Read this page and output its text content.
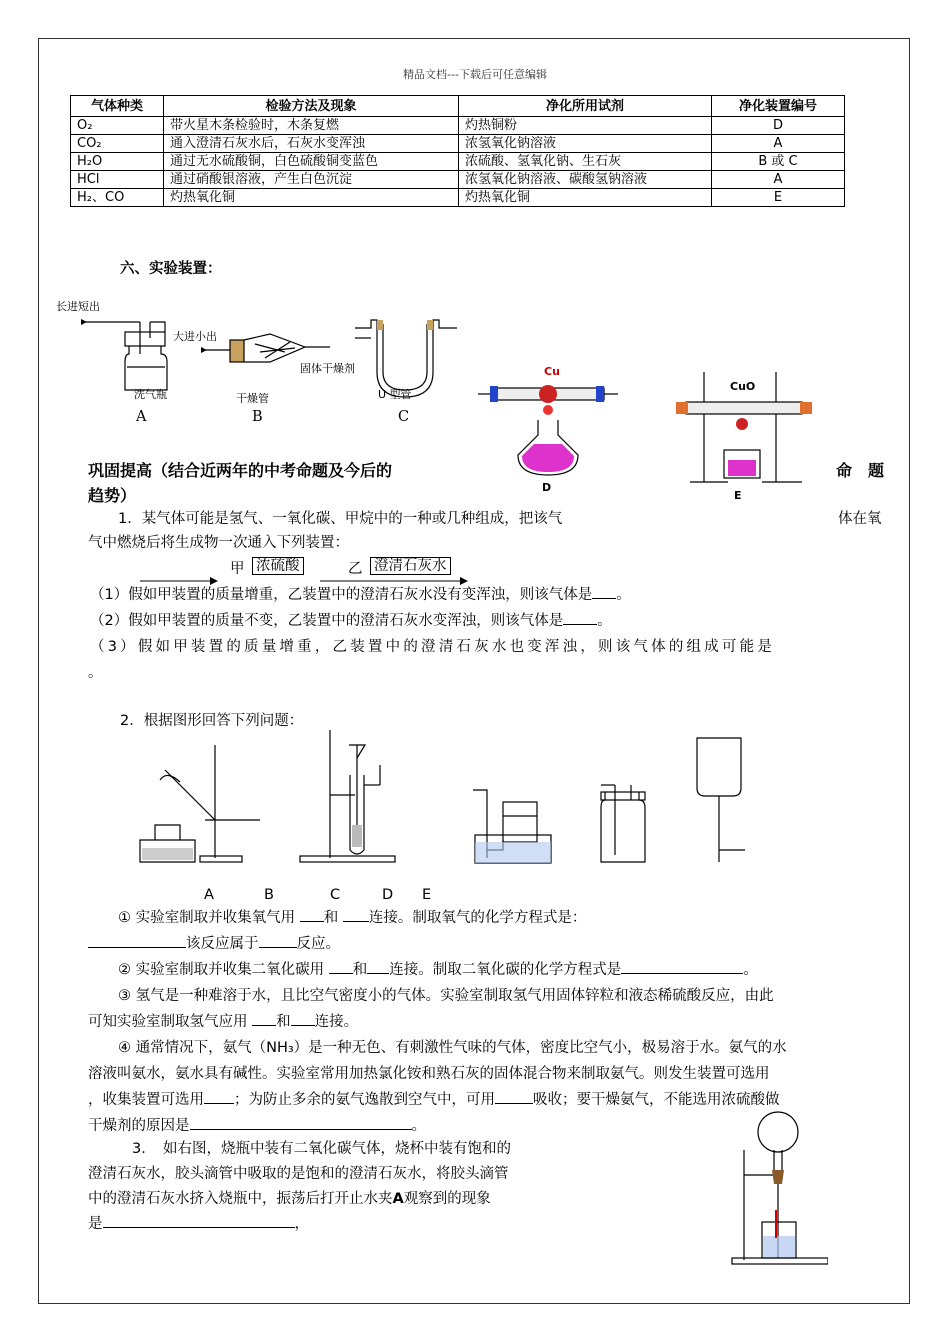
精品文档---下载后可任意编辑
气体种类	检验方法及现象	净化所用试剂	净化装置编号
O₂	带火星木条检验时，木条复燃	灼热铜粉	D
CO₂	通入澄清石灰水后，石灰水变浑浊	浓氢氧化钠溶液	A
H₂O	通过无水硫酸铜，白色硫酸铜变蓝色	浓硫酸、氢氧化钠、生石灰	B 或 C
HCl	通过硝酸银溶液，产生白色沉淀	浓氢氧化钠溶液、碳酸氢钠溶液	A
H₂、CO	灼热氧化铜	灼热氧化铜	E
六、实验装置：
长进短出
大进小出
洗气瓶	干燥管
固体干燥剂
U 型管
A	B	C
Cu
D
CuO
E
巩固提高（结合近两年的中考命题及今后的	命　题
趋势）
1．某气体可能是氢气、一氧化碳、甲烷中的一种或几种组成，把该气	体在氧
气中燃烧后将生成物一次通入下列装置：
甲 浓硫酸	乙 澄清石灰水
（1）假如甲装置的质量增重，乙装置中的澄清石灰水没有变浑浊，则该气体是 。
（2）假如甲装置的质量不变，乙装置中的澄清石灰水变浑浊，则该气体是 。
（3）假如甲装置的质量增重，乙装置中的澄清石灰水也变浑浊，则该气体的组成可能是
。
2．根据图形回答下列问题：
A	B	C	D E
① 实验室制取并收集氧气用 和 连接。制取氧气的化学方程式是：
该反应属于	反应。
② 实验室制取并收集二氧化碳用 和 连接。制取二氧化碳的化学方程式是	。
③ 氢气是一种难溶于水，且比空气密度小的气体。实验室制取氢气用固体锌粒和液态稀硫酸反应，由此
可知实验室制取氢气应用 和 连接。
④ 通常情况下，氨气（NH₃）是一种无色、有刺激性气味的气体，密度比空气小，极易溶于水。氨气的水
溶液叫氨水，氨水具有碱性。实验室常用加热氯化铵和熟石灰的固体混合物来制取氨气。则发生装置可选用
，收集装置可选用 ；为防止多余的氨气逸散到空气中，可用	吸收；要干燥氨气，不能选用浓硫酸做
干燥剂的原因是	。
3．　如右图，烧瓶中装有二氧化碳气体，烧杯中装有饱和的
澄清石灰水，胶头滴管中吸取的是饱和的澄清石灰水，将胶头滴管
中的澄清石灰水挤入烧瓶中，振荡后打开止水夹A观察到的现象
是	，
